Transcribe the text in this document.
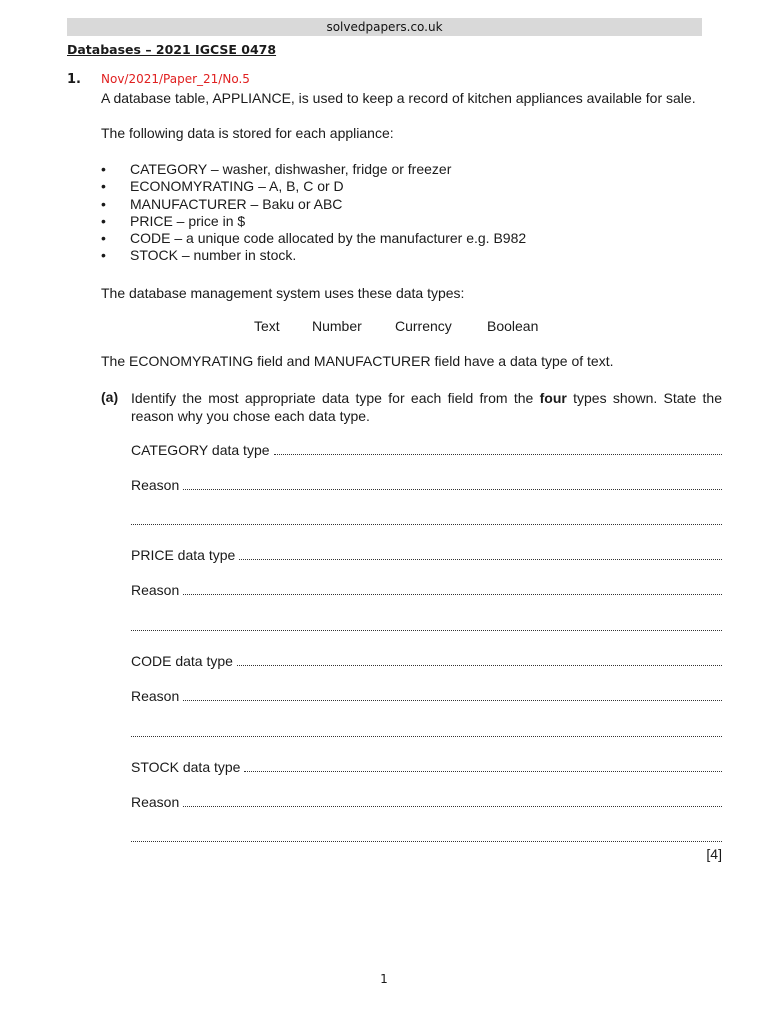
solvedpapers.co.uk
Databases – 2021 IGCSE 0478
1. Nov/2021/Paper_21/No.5
A database table, APPLIANCE, is used to keep a record of kitchen appliances available for sale.
The following data is stored for each appliance:
• CATEGORY – washer, dishwasher, fridge or freezer
• ECONOMYRATING – A, B, C or D
• MANUFACTURER – Baku or ABC
• PRICE – price in $
• CODE – a unique code allocated by the manufacturer e.g. B982
• STOCK – number in stock.
The database management system uses these data types:
Text Number Currency	Boolean
The ECONOMYRATING field and MANUFACTURER field have a data type of text.
(a) Identify the most appropriate data type for each field from the four types shown. State the reason why you chose each data type.
CATEGORY data type
Reason
PRICE data type
Reason
CODE data type
Reason
STOCK data type
Reason
[4]
1
